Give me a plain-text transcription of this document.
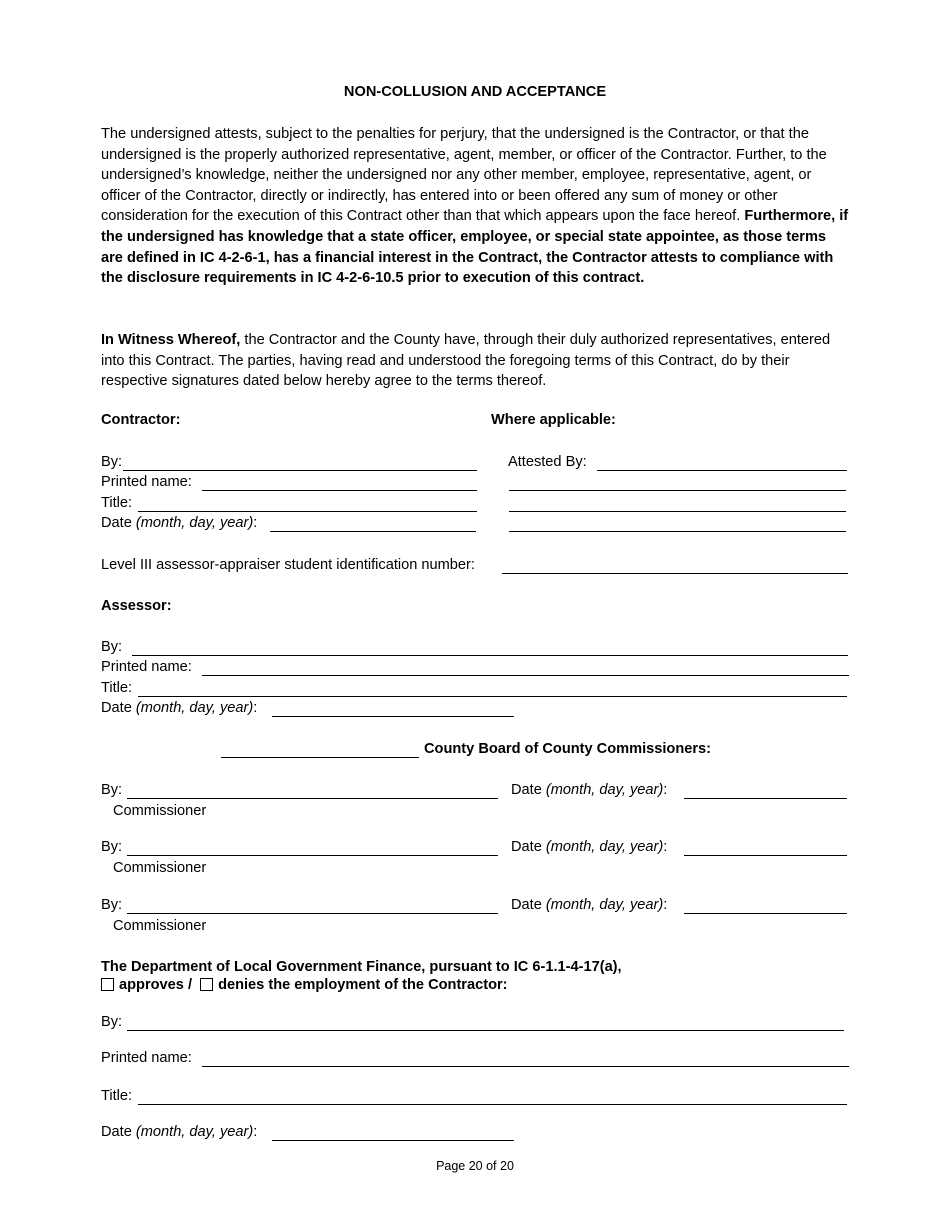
NON-COLLUSION AND ACCEPTANCE
The undersigned attests, subject to the penalties for perjury, that the undersigned is the Contractor, or that the undersigned is the properly authorized representative, agent, member, or officer of the Contractor. Further, to the undersigned’s knowledge, neither the undersigned nor any other member, employee, representative, agent, or officer of the Contractor, directly or indirectly, has entered into or been offered any sum of money or other consideration for the execution of this Contract other than that which appears upon the face hereof. Furthermore, if the undersigned has knowledge that a state officer, employee, or special state appointee, as those terms are defined in IC 4-2-6-1, has a financial interest in the Contract, the Contractor attests to compliance with the disclosure requirements in IC 4-2-6-10.5 prior to execution of this contract.
In Witness Whereof, the Contractor and the County have, through their duly authorized representatives, entered into this Contract. The parties, having read and understood the foregoing terms of this Contract, do by their respective signatures dated below hereby agree to the terms thereof.
Contractor:	Where applicable:
By:	Attested By:
Printed name:
Title:
Date (month, day, year):
Level III assessor-appraiser student identification number:
Assessor:
By:
Printed name:
Title:
Date (month, day, year):
County Board of County Commissioners:
By:	Date (month, day, year):
Commissioner
By:	Date (month, day, year):
Commissioner
By:	Date (month, day, year):
Commissioner
The Department of Local Government Finance, pursuant to IC 6-1.1-4-17(a),
approves / denies the employment of the Contractor:
By:
Printed name:
Title:
Date (month, day, year):
Page 20 of 20
